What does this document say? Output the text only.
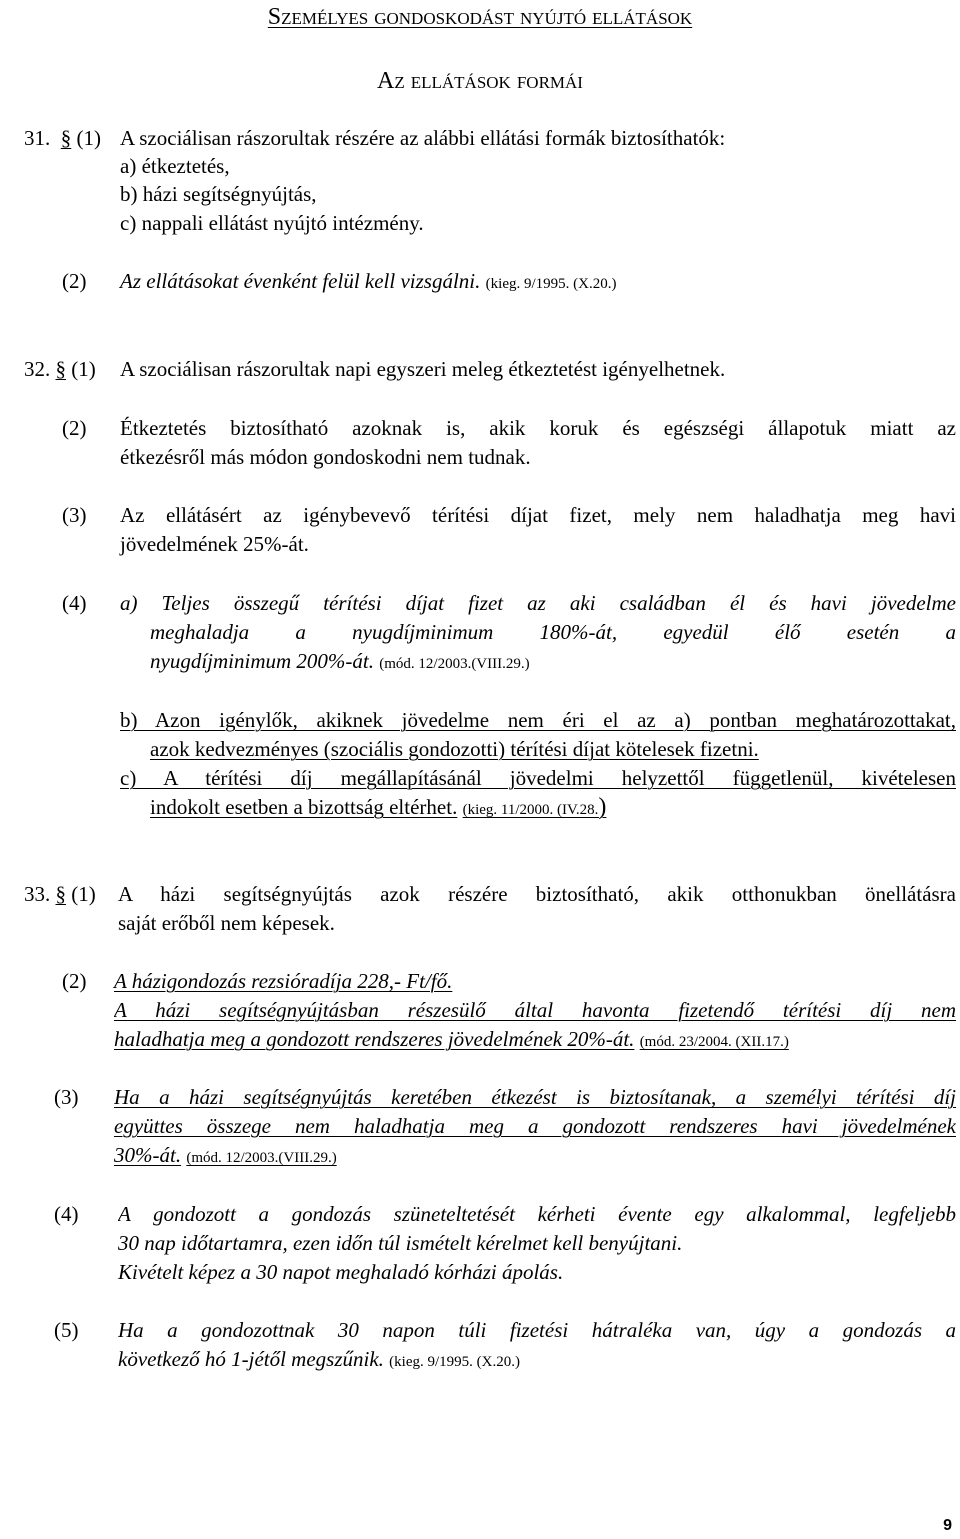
Személyes gondoskodást nyújtó ellátások
Az ellátások formái
31. § (1) A szociálisan rászorultak részére az alábbi ellátási formák biztosíthatók:
a) étkeztetés,
b) házi segítségnyújtás,
c) nappali ellátást nyújtó intézmény.
(2) Az ellátásokat évenként felül kell vizsgálni. (kieg. 9/1995. (X.20.)
32. § (1) A szociálisan rászorultak napi egyszeri meleg étkeztetést igényelhetnek.
(2) Étkeztetés biztosítható azoknak is, akik koruk és egészségi állapotuk miatt az
étkezésről más módon gondoskodni nem tudnak.
(3) Az ellátásért az igénybevevő térítési díjat fizet, mely nem haladhatja meg havi
jövedelmének 25%-át.
(4) a) Teljes összegű térítési díjat fizet az aki családban él és havi jövedelme
meghaladja a nyugdíjminimum 180%-át, egyedül élő esetén a
nyugdíjminimum 200%-át. (mód. 12/2003.(VIII.29.)
b) Azon igénylők, akiknek jövedelme nem éri el az a) pontban meghatározottakat,
azok kedvezményes (szociális gondozotti) térítési díjat kötelesek fizetni.
c) A térítési díj megállapításánál jövedelmi helyzettől függetlenül, kivételesen
indokolt esetben a bizottság eltérhet. (kieg. 11/2000. (IV.28.)
33. § (1) A házi segítségnyújtás azok részére biztosítható, akik otthonukban önellátásra
saját erőből nem képesek.
(2) A házigondozás rezsióradíja 228,- Ft/fő.
A házi segítségnyújtásban részesülő által havonta fizetendő térítési díj nem
haladhatja meg a gondozott rendszeres jövedelmének 20%-át. (mód. 23/2004. (XII.17.)
(3) Ha a házi segítségnyújtás keretében étkezést is biztosítanak, a személyi térítési díj
együttes összege nem haladhatja meg a gondozott rendszeres havi jövedelmének
30%-át. (mód. 12/2003.(VIII.29.)
(4) A gondozott a gondozás szüneteltetését kérheti évente egy alkalommal, legfeljebb
30 nap időtartamra, ezen időn túl ismételt kérelmet kell benyújtani.
Kivételt képez a 30 napot meghaladó kórházi ápolás.
(5) Ha a gondozottnak 30 napon túli fizetési hátraléka van, úgy a gondozás a
következő hó 1-jétől megszűnik. (kieg. 9/1995. (X.20.)
9
